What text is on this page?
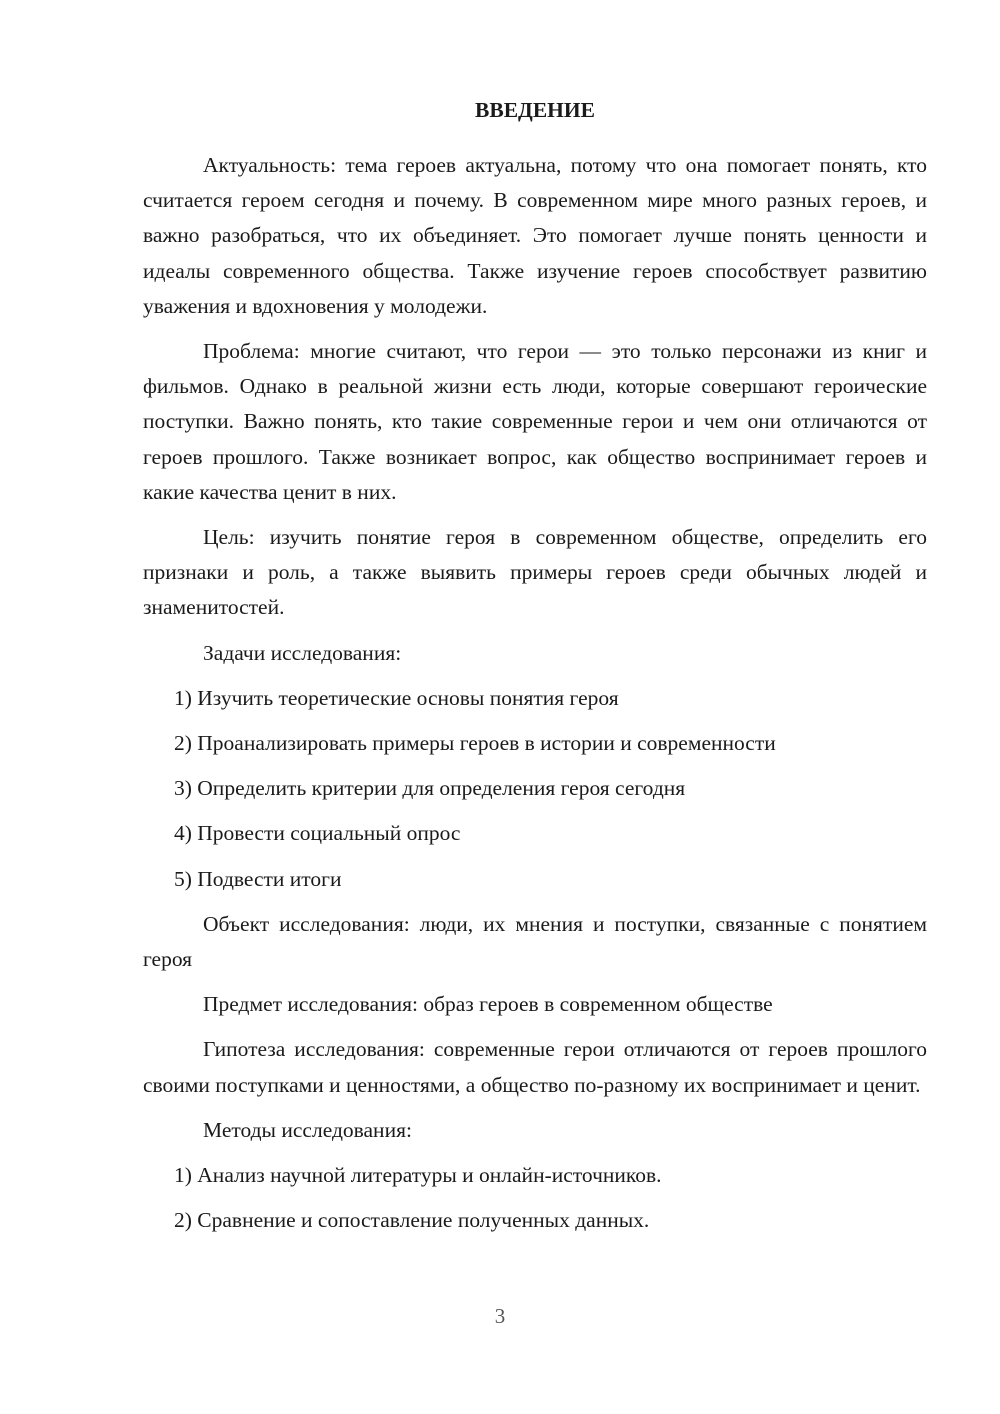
ВВЕДЕНИЕ

Актуальность: тема героев актуальна, потому что она помогает понять, кто считается героем сегодня и почему. В современном мире много разных героев, и важно разобраться, что их объединяет. Это помогает лучше понять ценности и идеалы современного общества. Также изучение героев способствует развитию уважения и вдохновения у молодежи.

Проблема: многие считают, что герои — это только персонажи из книг и фильмов. Однако в реальной жизни есть люди, которые совершают героические поступки. Важно понять, кто такие современные герои и чем они отличаются от героев прошлого. Также возникает вопрос, как общество воспринимает героев и какие качества ценит в них.

Цель: изучить понятие героя в современном обществе, определить его признаки и роль, а также выявить примеры героев среди обычных людей и знаменитостей.

Задачи исследования:

1) Изучить теоретические основы понятия героя

2) Проанализировать примеры героев в истории и современности

3) Определить критерии для определения героя сегодня

4) Провести социальный опрос

5) Подвести итоги

Объект исследования: люди, их мнения и поступки, связанные с понятием героя

Предмет исследования: образ героев в современном обществе

Гипотеза исследования: современные герои отличаются от героев прошлого своими поступками и ценностями, а общество по-разному их воспринимает и ценит.

Методы исследования:

1) Анализ научной литературы и онлайн-источников.

2) Сравнение и сопоставление полученных данных.

3
